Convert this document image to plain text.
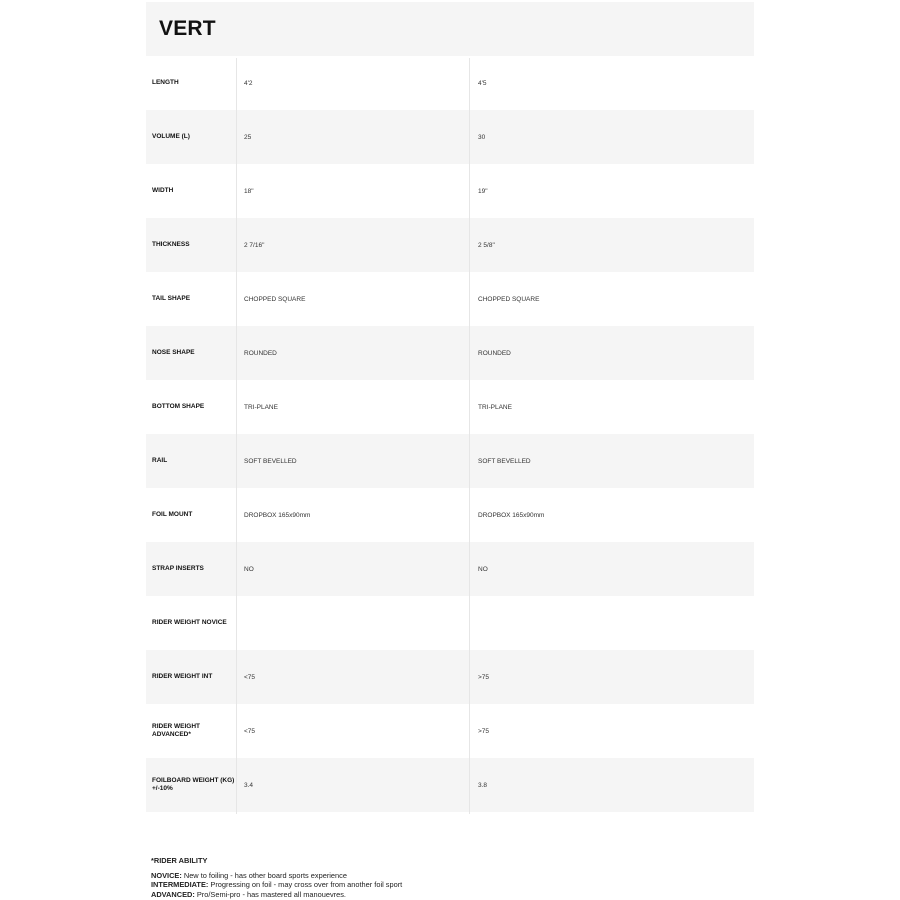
VERT
LENGTH	4'2	4'5
VOLUME (L)	25	30
WIDTH	18"	19"
THICKNESS	2 7/16"	2 5/8"
TAIL SHAPE	CHOPPED SQUARE	CHOPPED SQUARE
NOSE SHAPE	ROUNDED	ROUNDED
BOTTOM SHAPE	TRI-PLANE	TRI-PLANE
RAIL	SOFT BEVELLED	SOFT BEVELLED
FOIL MOUNT	DROPBOX 165x90mm	DROPBOX 165x90mm
STRAP INSERTS	NO	NO
RIDER WEIGHT NOVICE
RIDER WEIGHT INT	<75	>75
RIDER WEIGHT ADVANCED*	<75	>75
FOILBOARD WEIGHT (KG) +/-10%	3.4	3.8
*RIDER ABILITY
NOVICE: New to foiling - has other board sports experience
INTERMEDIATE: Progressing on foil - may cross over from another foil sport
ADVANCED: Pro/Semi-pro - has mastered all manouevres.
